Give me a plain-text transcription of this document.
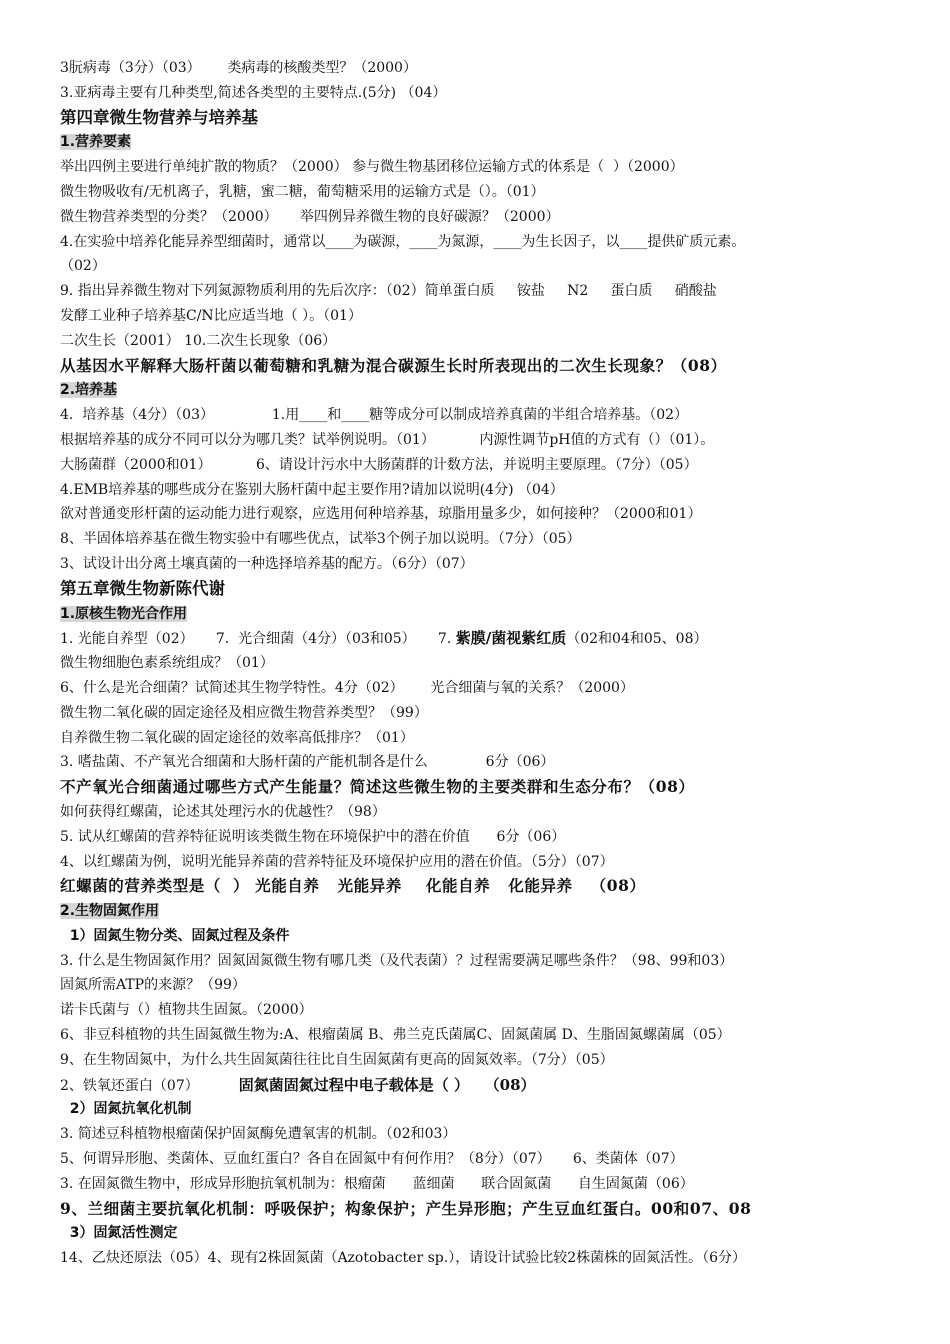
3朊病毒（3分）（03）      类病毒的核酸类型？（2000）
3.亚病毒主要有几种类型,简述各类型的主要特点.(5分) （04）
第四章微生物营养与培养基
1.营养要素
举出四例主要进行单纯扩散的物质？（2000） 参与微生物基团移位运输方式的体系是（  ）（2000）
微生物吸收有/无机离子，乳糖，蜜二糖，葡萄糖采用的运输方式是（）。（01）
微生物营养类型的分类？（2000）     举四例异养微生物的良好碳源？（2000）
4.在实验中培养化能异养型细菌时，通常以____为碳源，____为氮源，____为生长因子，以____提供矿质元素。
（02）
9. 指出异养微生物对下列氮源物质利用的先后次序：（02）简单蛋白质     铵盐     N2     蛋白质     硝酸盐
发酵工业种子培养基C/N比应适当地（ ）。（01）
二次生长（2001） 10.二次生长现象（06）
从基因水平解释大肠杆菌以葡萄糖和乳糖为混合碳源生长时所表现出的二次生长现象？（08）
2.培养基
4.  培养基（4分）（03）             1.用____和____糖等成分可以制成培养真菌的半组合培养基。（02）
根据培养基的成分不同可以分为哪几类？试举例说明。（01）          内源性调节pH值的方式有（）（01）。
大肠菌群（2000和01）          6、请设计污水中大肠菌群的计数方法，并说明主要原理。（7分）（05）
4.EMB培养基的哪些成分在鉴别大肠杆菌中起主要作用?请加以说明(4分) （04）
欲对普通变形杆菌的运动能力进行观察，应选用何种培养基，琼脂用量多少，如何接种？（2000和01）
8、半固体培养基在微生物实验中有哪些优点，试举3个例子加以说明。（7分）（05）
3、试设计出分离土壤真菌的一种选择培养基的配方。（6分）（07）
第五章微生物新陈代谢
1.原核生物光合作用
1. 光能自养型（02）     7.  光合细菌（4分）（03和05）     7. 紫膜/菌视紫红质（02和04和05、08）
微生物细胞色素系统组成？（01）
6、什么是光合细菌？试简述其生物学特性。4分（02）      光合细菌与氧的关系？（2000）
微生物二氧化碳的固定途径及相应微生物营养类型？（99）
自养微生物二氧化碳的固定途径的效率高低排序？（01）
3. 嗜盐菌、不产氧光合细菌和大肠杆菌的产能机制各是什么             6分（06）
不产氧光合细菌通过哪些方式产生能量？简述这些微生物的主要类群和生态分布？（08）
如何获得红螺菌，论述其处理污水的优越性？（98）
5. 试从红螺菌的营养特征说明该类微生物在环境保护中的潜在价值      6分（06）
4、以红螺菌为例，说明光能异养菌的营养特征及环境保护应用的潜在价值。（5分）（07）
红螺菌的营养类型是（  ） 光能自养   光能异养    化能自养   化能异养   （08）
2.生物固氮作用
1）固氮生物分类、固氮过程及条件
3. 什么是生物固氮作用？固氮固氮微生物有哪几类（及代表菌）？过程需要满足哪些条件？（98、99和03）
固氮所需ATP的来源？（99）
诺卡氏菌与（）植物共生固氮。（2000）
6、非豆科植物的共生固氮微生物为:A、根瘤菌属 B、弗兰克氏菌属C、固氮菌属 D、生脂固氮螺菌属（05）
9、在生物固氮中，为什么共生固氮菌往往比自生固氮菌有更高的固氮效率。（7分）（05）
2、铁氧还蛋白（07）         固氮菌固氮过程中电子载体是（ ）   （08）
2）固氮抗氧化机制
3. 简述豆科植物根瘤菌保护固氮酶免遭氧害的机制。（02和03）
5、何谓异形胞、类菌体、豆血红蛋白？各自在固氮中有何作用？（8分）（07）     6、类菌体（07）
3. 在固氮微生物中，形成异形胞抗氧机制为：根瘤菌      蓝细菌      联合固氮菌      自生固氮菌（06）
9、兰细菌主要抗氧化机制：呼吸保护；构象保护；产生异形胞；产生豆血红蛋白。00和07、08
3）固氮活性测定
14、乙炔还原法（05）4、现有2株固氮菌（Azotobacter sp.），请设计试验比较2株菌株的固氮活性。（6分）
